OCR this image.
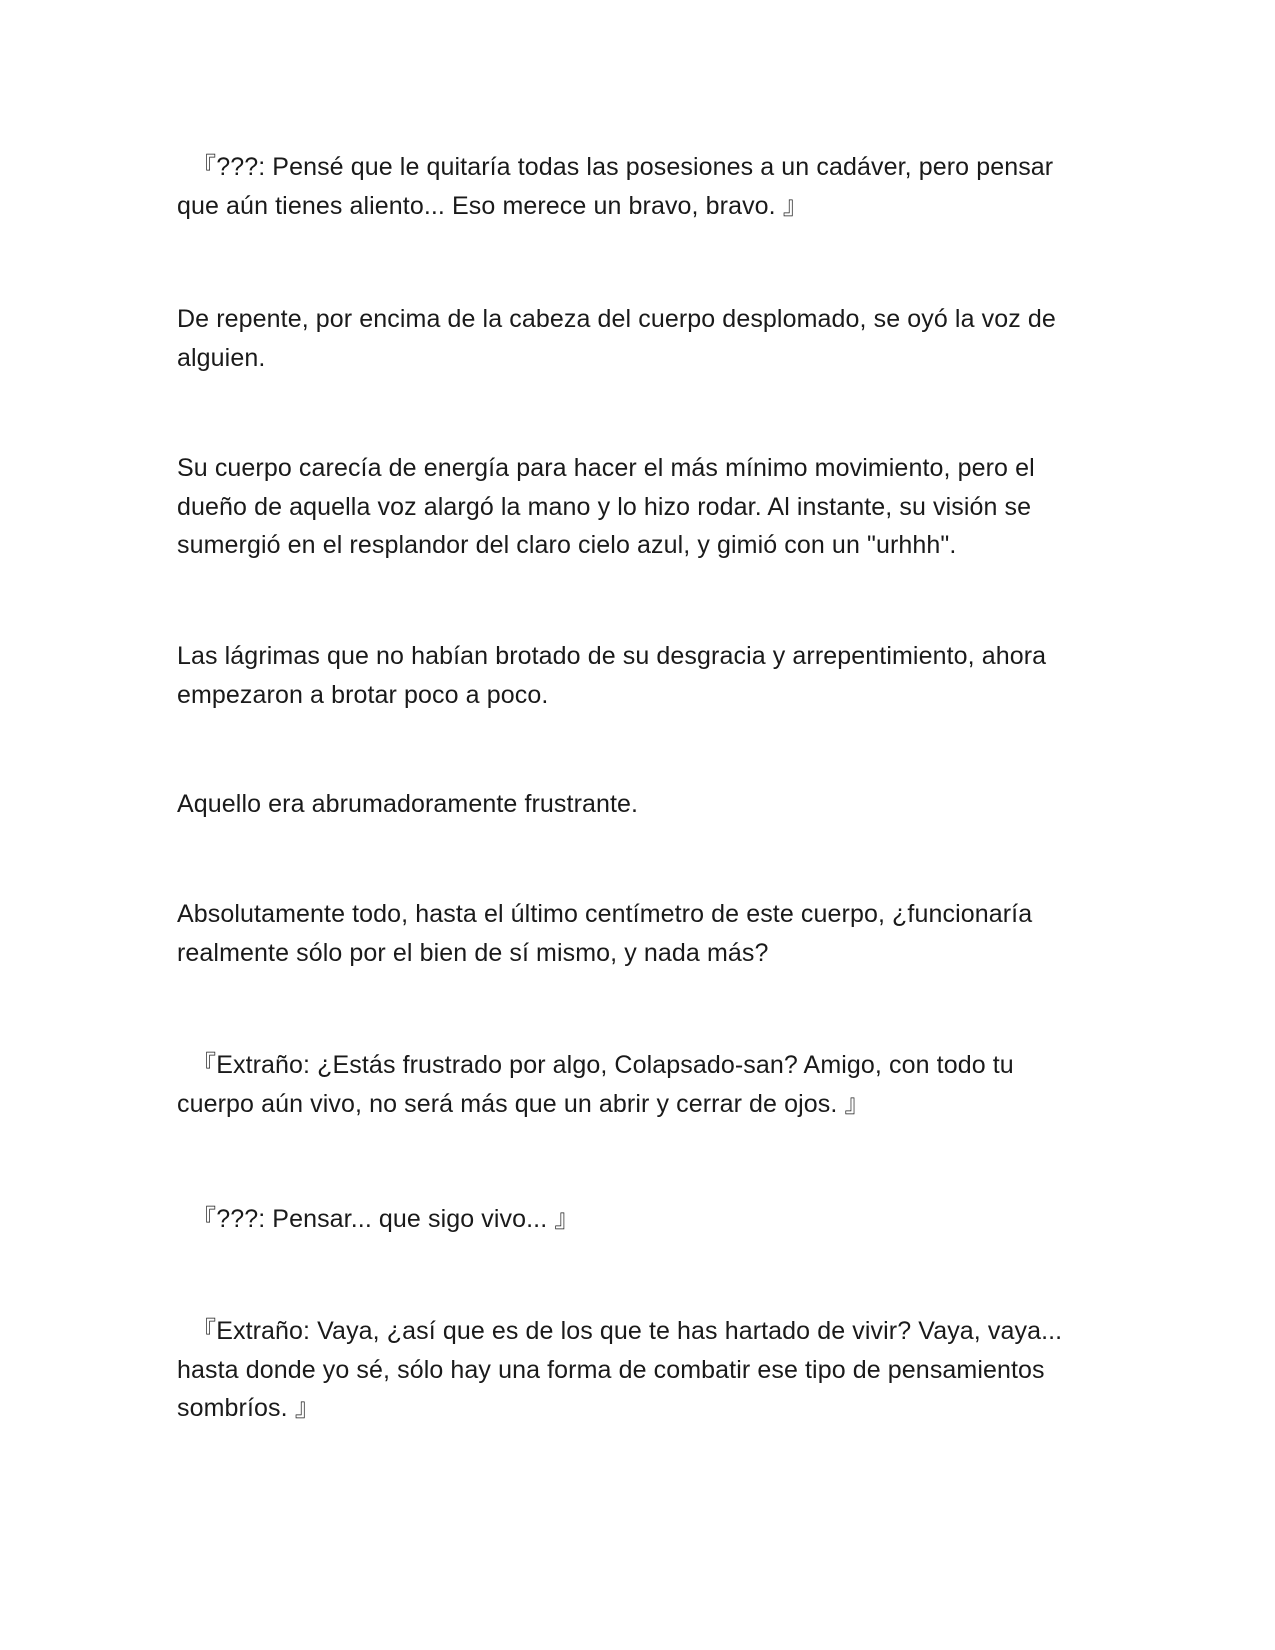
『???: Pensé que le quitaría todas las posesiones a un cadáver, pero pensar que aún tienes aliento... Eso merece un bravo, bravo. 』

De repente, por encima de la cabeza del cuerpo desplomado, se oyó la voz de alguien.

Su cuerpo carecía de energía para hacer el más mínimo movimiento, pero el dueño de aquella voz alargó la mano y lo hizo rodar. Al instante, su visión se sumergió en el resplandor del claro cielo azul, y gimió con un "urhhh".

Las lágrimas que no habían brotado de su desgracia y arrepentimiento, ahora empezaron a brotar poco a poco.

Aquello era abrumadoramente frustrante.

Absolutamente todo, hasta el último centímetro de este cuerpo, ¿funcionaría realmente sólo por el bien de sí mismo, y nada más?

『Extraño: ¿Estás frustrado por algo, Colapsado-san? Amigo, con todo tu cuerpo aún vivo, no será más que un abrir y cerrar de ojos. 』

『???: Pensar... que sigo vivo... 』

『Extraño: Vaya, ¿así que es de los que te has hartado de vivir? Vaya, vaya... hasta donde yo sé, sólo hay una forma de combatir ese tipo de pensamientos sombríos. 』
